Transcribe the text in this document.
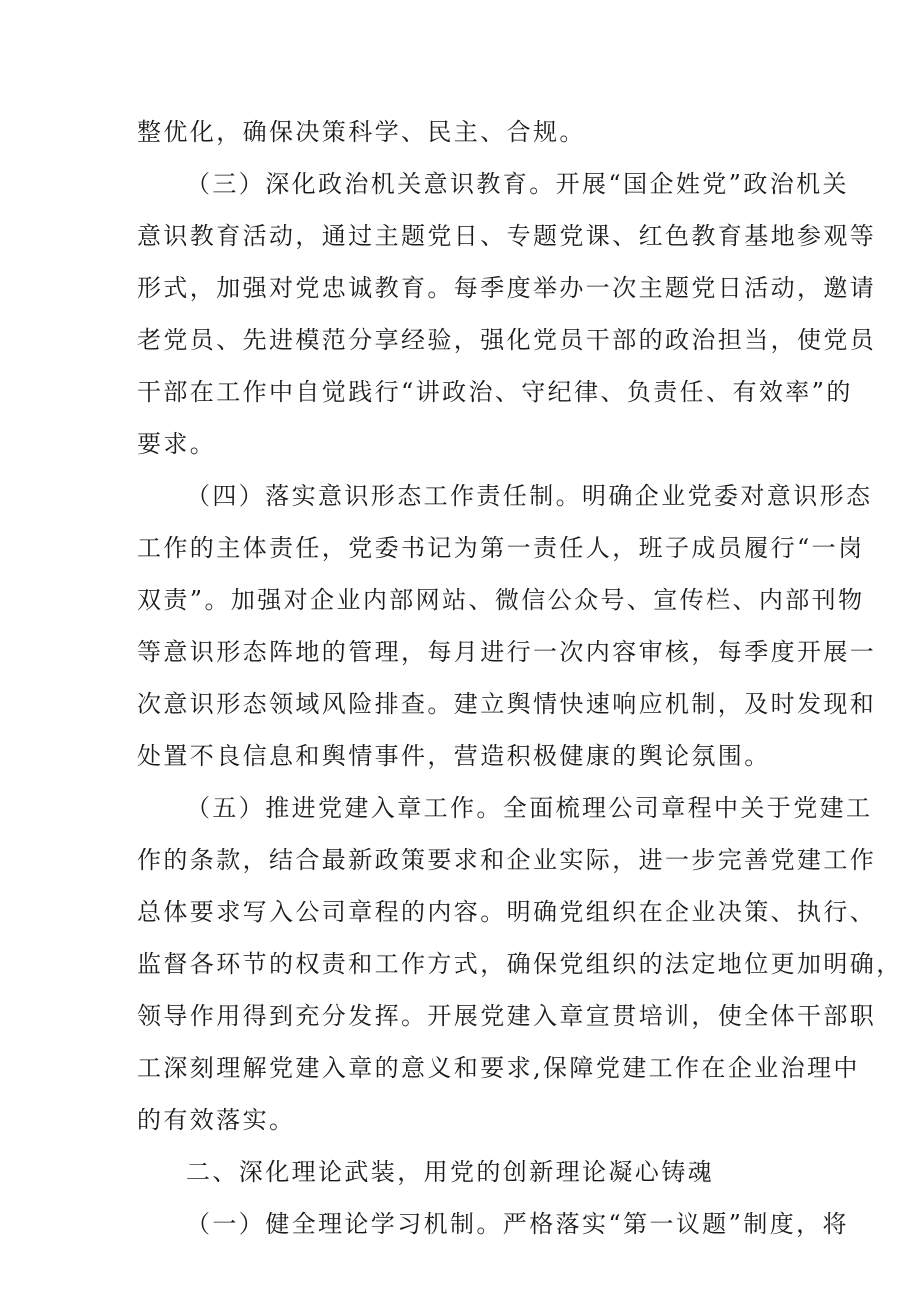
整优化，确保决策科学、民主、合规。
（三）深化政治机关意识教育。开展“国企姓党”政治机关
意识教育活动，通过主题党日、专题党课、红色教育基地参观等
形式，加强对党忠诚教育。每季度举办一次主题党日活动，邀请
老党员、先进模范分享经验，强化党员干部的政治担当，使党员
干部在工作中自觉践行“讲政治、守纪律、负责任、有效率”的
要求。
（四）落实意识形态工作责任制。明确企业党委对意识形态
工作的主体责任，党委书记为第一责任人，班子成员履行“一岗
双责”。加强对企业内部网站、微信公众号、宣传栏、内部刊物
等意识形态阵地的管理，每月进行一次内容审核，每季度开展一
次意识形态领域风险排查。建立舆情快速响应机制，及时发现和
处置不良信息和舆情事件，营造积极健康的舆论氛围。
（五）推进党建入章工作。全面梳理公司章程中关于党建工
作的条款，结合最新政策要求和企业实际，进一步完善党建工作
总体要求写入公司章程的内容。明确党组织在企业决策、执行、
监督各环节的权责和工作方式，确保党组织的法定地位更加明确，
领导作用得到充分发挥。开展党建入章宣贯培训，使全体干部职
工深刻理解党建入章的意义和要求,保障党建工作在企业治理中
的有效落实。
二、深化理论武装，用党的创新理论凝心铸魂
（一）健全理论学习机制。严格落实“第一议题”制度，将
